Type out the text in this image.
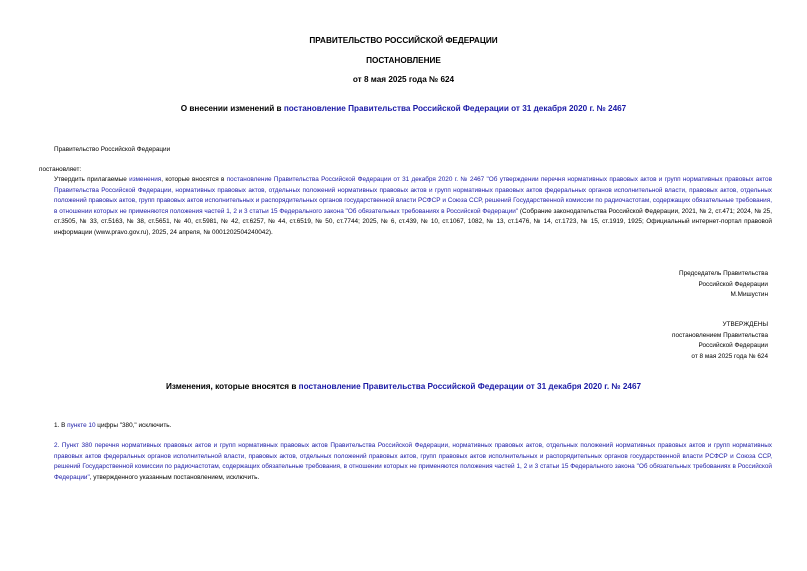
ПРАВИТЕЛЬСТВО РОССИЙСКОЙ ФЕДЕРАЦИИ
ПОСТАНОВЛЕНИЕ
от 8 мая 2025 года № 624
О внесении изменений в постановление Правительства Российской Федерации от 31 декабря 2020 г. № 2467
Правительство Российской Федерации
постановляет:
Утвердить прилагаемые изменения, которые вносятся в постановление Правительства Российской Федерации от 31 декабря 2020 г. № 2467 "Об утверждении перечня нормативных правовых актов и групп нормативных правовых актов Правительства Российской Федерации, нормативных правовых актов, отдельных положений нормативных правовых актов и групп нормативных правовых актов федеральных органов исполнительной власти, правовых актов, отдельных положений правовых актов, групп правовых актов исполнительных и распорядительных органов государственной власти РСФСР и Союза ССР, решений Государственной комиссии по радиочастотам, содержащих обязательные требования, в отношении которых не применяются положения частей 1, 2 и 3 статьи 15 Федерального закона "Об обязательных требованиях в Российской Федерации" (Собрание законодательства Российской Федерации, 2021, № 2, ст.471; 2024, № 25, ст.3505, № 33, ст.5163, № 38, ст.5651, № 40, ст.5981, № 42, ст.6257, № 44, ст.6519, № 50, ст.7744; 2025, № 6, ст.439, № 10, ст.1067, 1082, № 13, ст.1476, № 14, ст.1723, № 15, ст.1919, 1925; Официальный интернет-портал правовой информации (www.pravo.gov.ru), 2025, 24 апреля, № 0001202504240042).
Председатель Правительства
Российской Федерации
М.Мишустин
УТВЕРЖДЕНЫ
постановлением Правительства
Российской Федерации
от 8 мая 2025 года № 624
Изменения, которые вносятся в постановление Правительства Российской Федерации от 31 декабря 2020 г. № 2467
1. В пункте 10 цифры "380," исключить.
2. Пункт 380 перечня нормативных правовых актов и групп нормативных правовых актов Правительства Российской Федерации, нормативных правовых актов, отдельных положений нормативных правовых актов и групп нормативных правовых актов федеральных органов исполнительной власти, правовых актов, отдельных положений правовых актов, групп правовых актов исполнительных и распорядительных органов государственной власти РСФСР и Союза ССР, решений Государственной комиссии по радиочастотам, содержащих обязательные требования, в отношении которых не применяются положения частей 1, 2 и 3 статьи 15 Федерального закона "Об обязательных требованиях в Российской Федерации", утвержденного указанным постановлением, исключить.
